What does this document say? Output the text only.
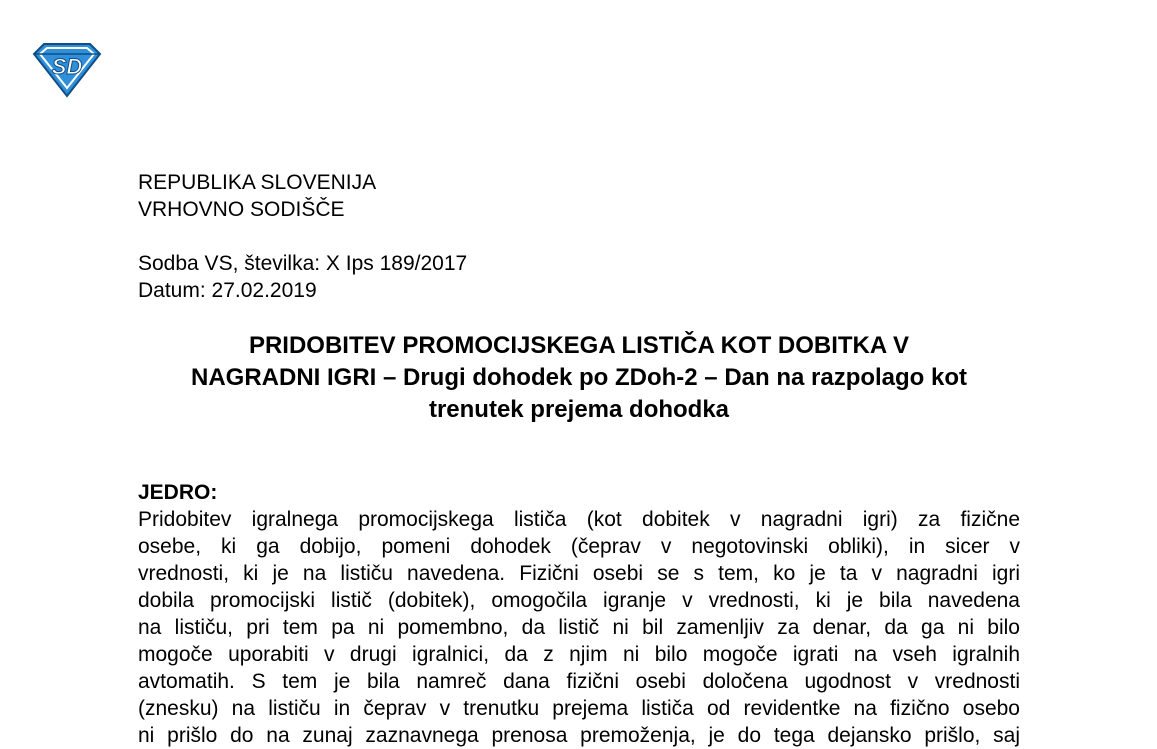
SD
REPUBLIKA SLOVENIJA
VRHOVNO SODIŠČE
Sodba VS, številka: X Ips 189/2017
Datum: 27.02.2019
PRIDOBITEV PROMOCIJSKEGA LISTIČA KOT DOBITKA V
NAGRADNI IGRI – Drugi dohodek po ZDoh-2 – Dan na razpolago kot
trenutek prejema dohodka
JEDRO:
Pridobitev igralnega promocijskega lističa (kot dobitek v nagradni igri) za fizične
osebe, ki ga dobijo, pomeni dohodek (čeprav v negotovinski obliki), in sicer v
vrednosti, ki je na lističu navedena. Fizični osebi se s tem, ko je ta v nagradni igri
dobila promocijski listič (dobitek), omogočila igranje v vrednosti, ki je bila navedena
na lističu, pri tem pa ni pomembno, da listič ni bil zamenljiv za denar, da ga ni bilo
mogoče uporabiti v drugi igralnici, da z njim ni bilo mogoče igrati na vseh igralnih
avtomatih. S tem je bila namreč dana fizični osebi določena ugodnost v vrednosti
(znesku) na lističu in čeprav v trenutku prejema lističa od revidentke na fizično osebo
ni prišlo do na zunaj zaznavnega prenosa premoženja, je do tega dejansko prišlo, saj
